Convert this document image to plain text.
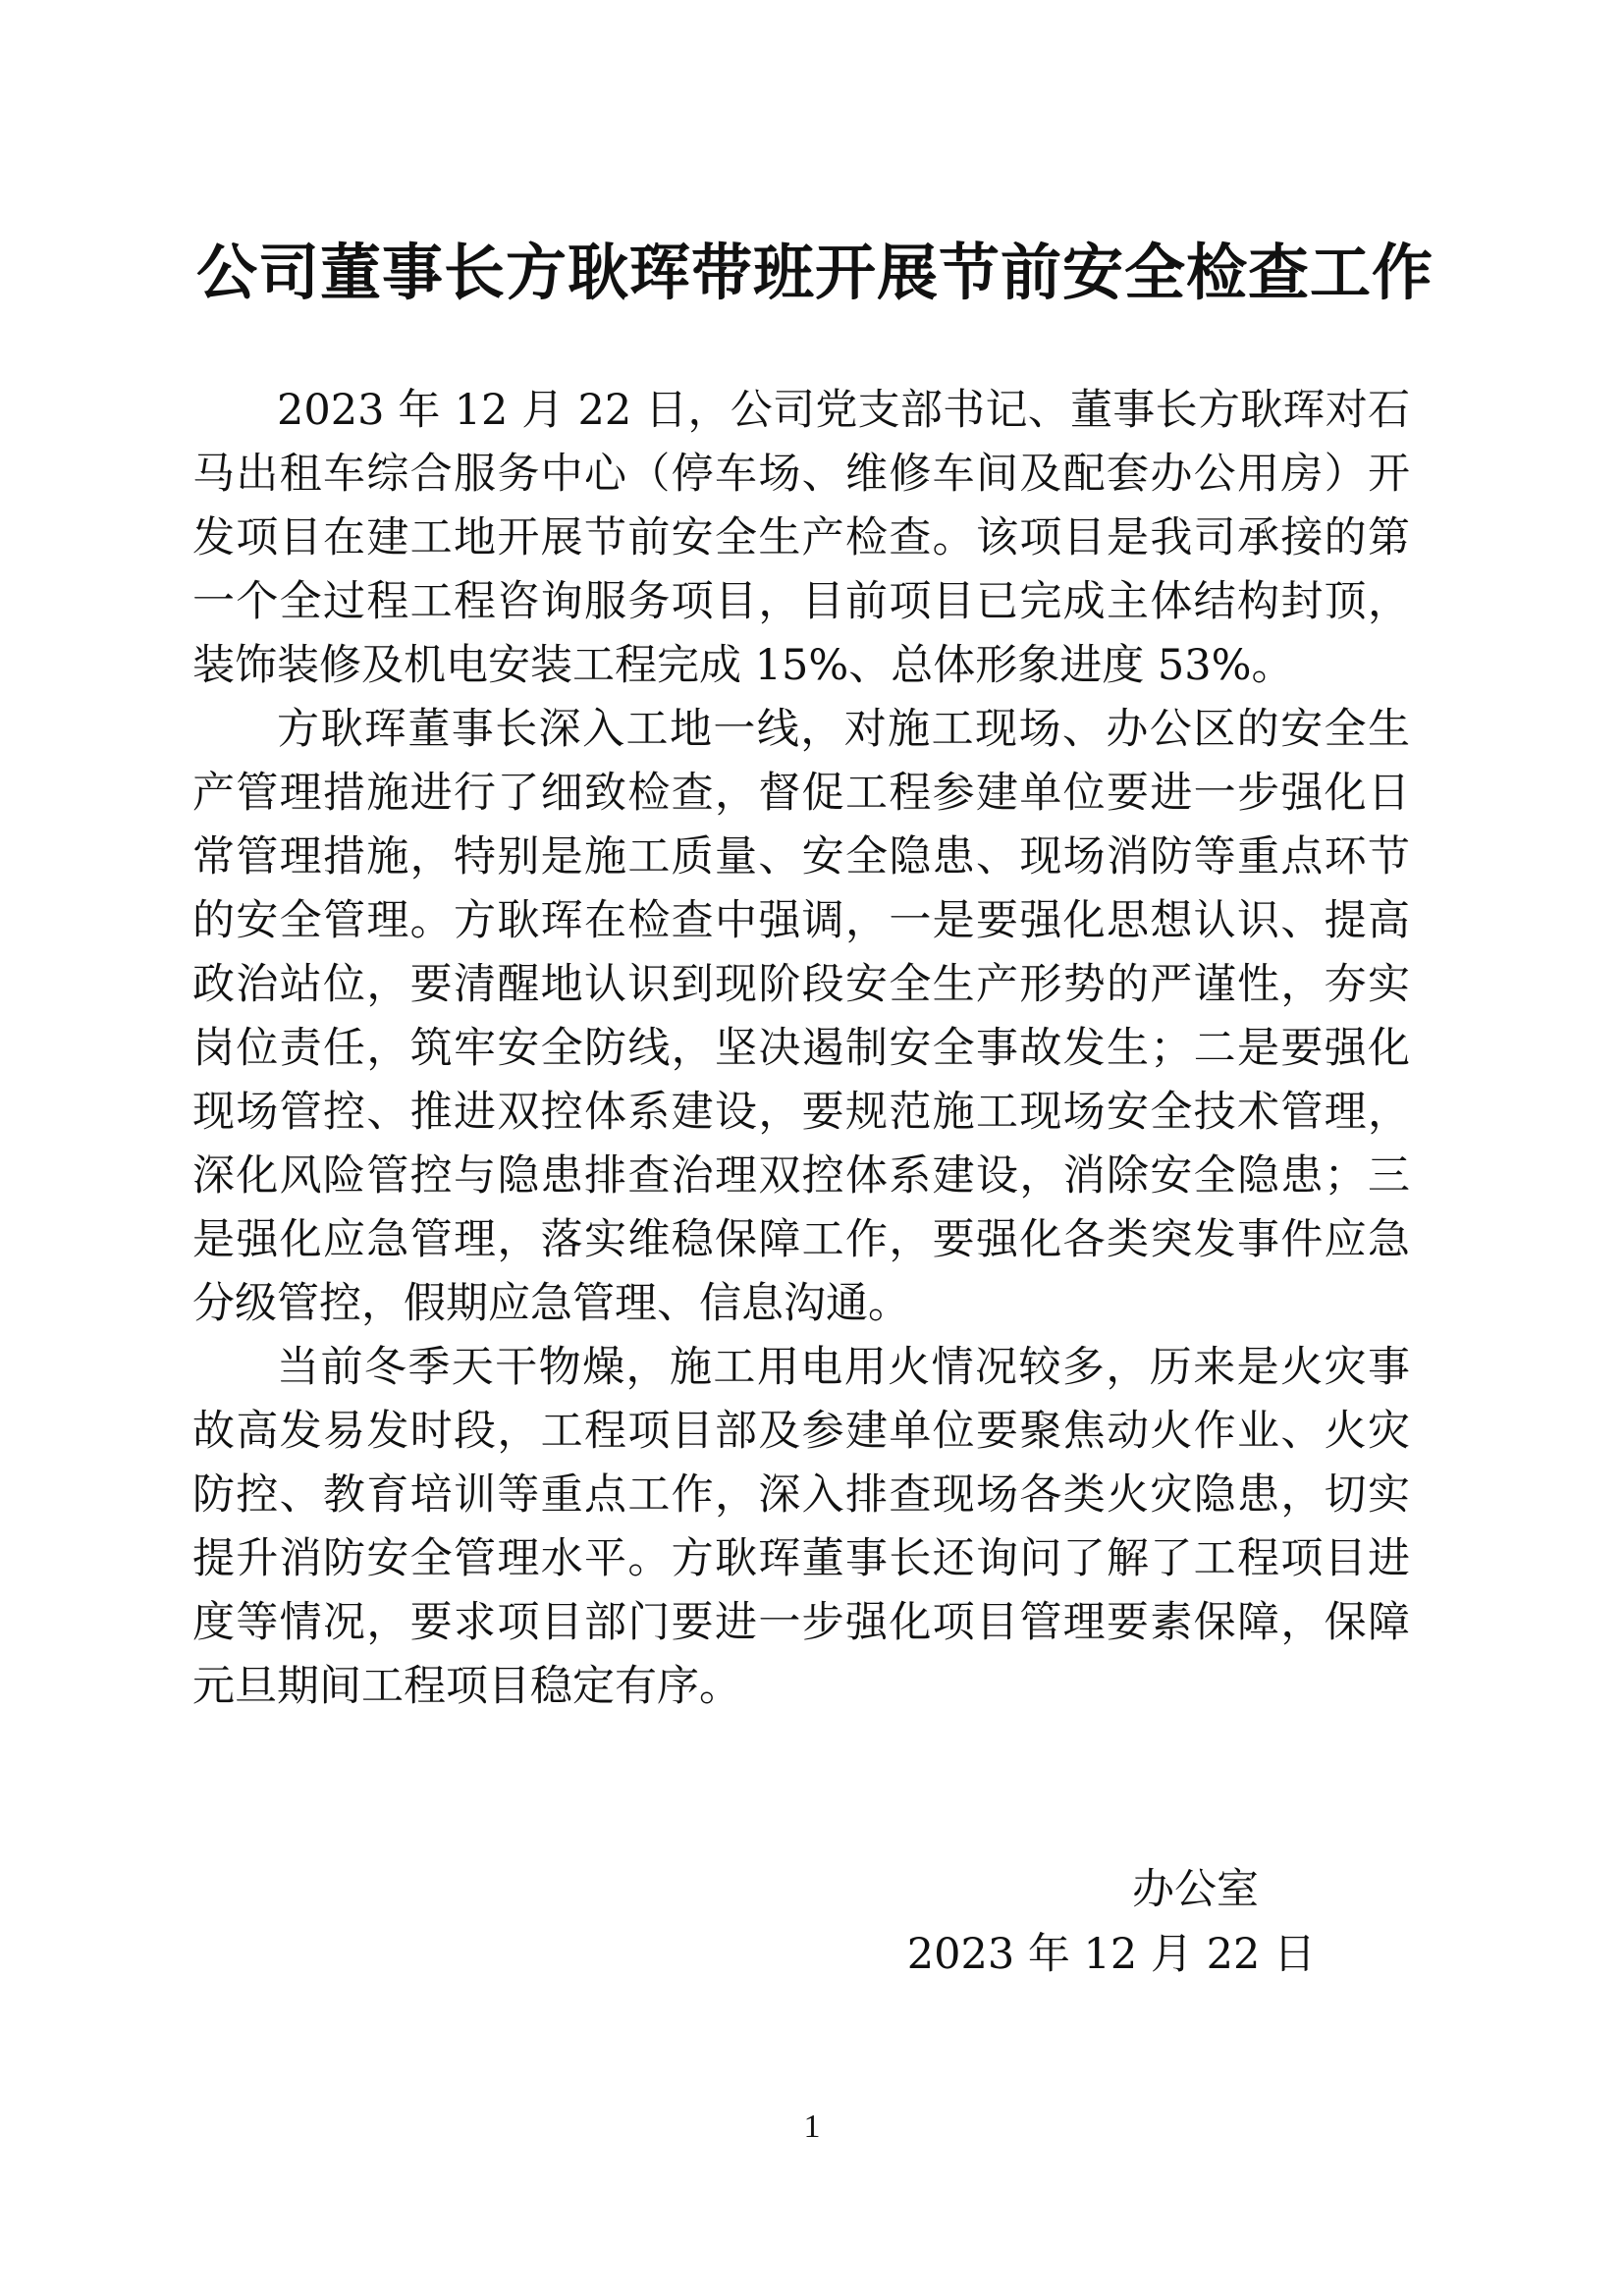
公司董事长方耿珲带班开展节前安全检查工作

2023 年 12 月 22 日，公司党支部书记、董事长方耿珲对石马出租车综合服务中心（停车场、维修车间及配套办公用房）开发项目在建工地开展节前安全生产检查。该项目是我司承接的第一个全过程工程咨询服务项目，目前项目已完成主体结构封顶，装饰装修及机电安装工程完成 15%、总体形象进度 53%。

方耿珲董事长深入工地一线，对施工现场、办公区的安全生产管理措施进行了细致检查，督促工程参建单位要进一步强化日常管理措施，特别是施工质量、安全隐患、现场消防等重点环节的安全管理。方耿珲在检查中强调，一是要强化思想认识、提高政治站位，要清醒地认识到现阶段安全生产形势的严谨性，夯实岗位责任，筑牢安全防线，坚决遏制安全事故发生；二是要强化现场管控、推进双控体系建设，要规范施工现场安全技术管理，深化风险管控与隐患排查治理双控体系建设，消除安全隐患；三是强化应急管理，落实维稳保障工作，要强化各类突发事件应急分级管控，假期应急管理、信息沟通。

当前冬季天干物燥，施工用电用火情况较多，历来是火灾事故高发易发时段，工程项目部及参建单位要聚焦动火作业、火灾防控、教育培训等重点工作，深入排查现场各类火灾隐患，切实提升消防安全管理水平。方耿珲董事长还询问了解了工程项目进度等情况，要求项目部门要进一步强化项目管理要素保障，保障元旦期间工程项目稳定有序。

办公室
2023 年 12 月 22 日
1
